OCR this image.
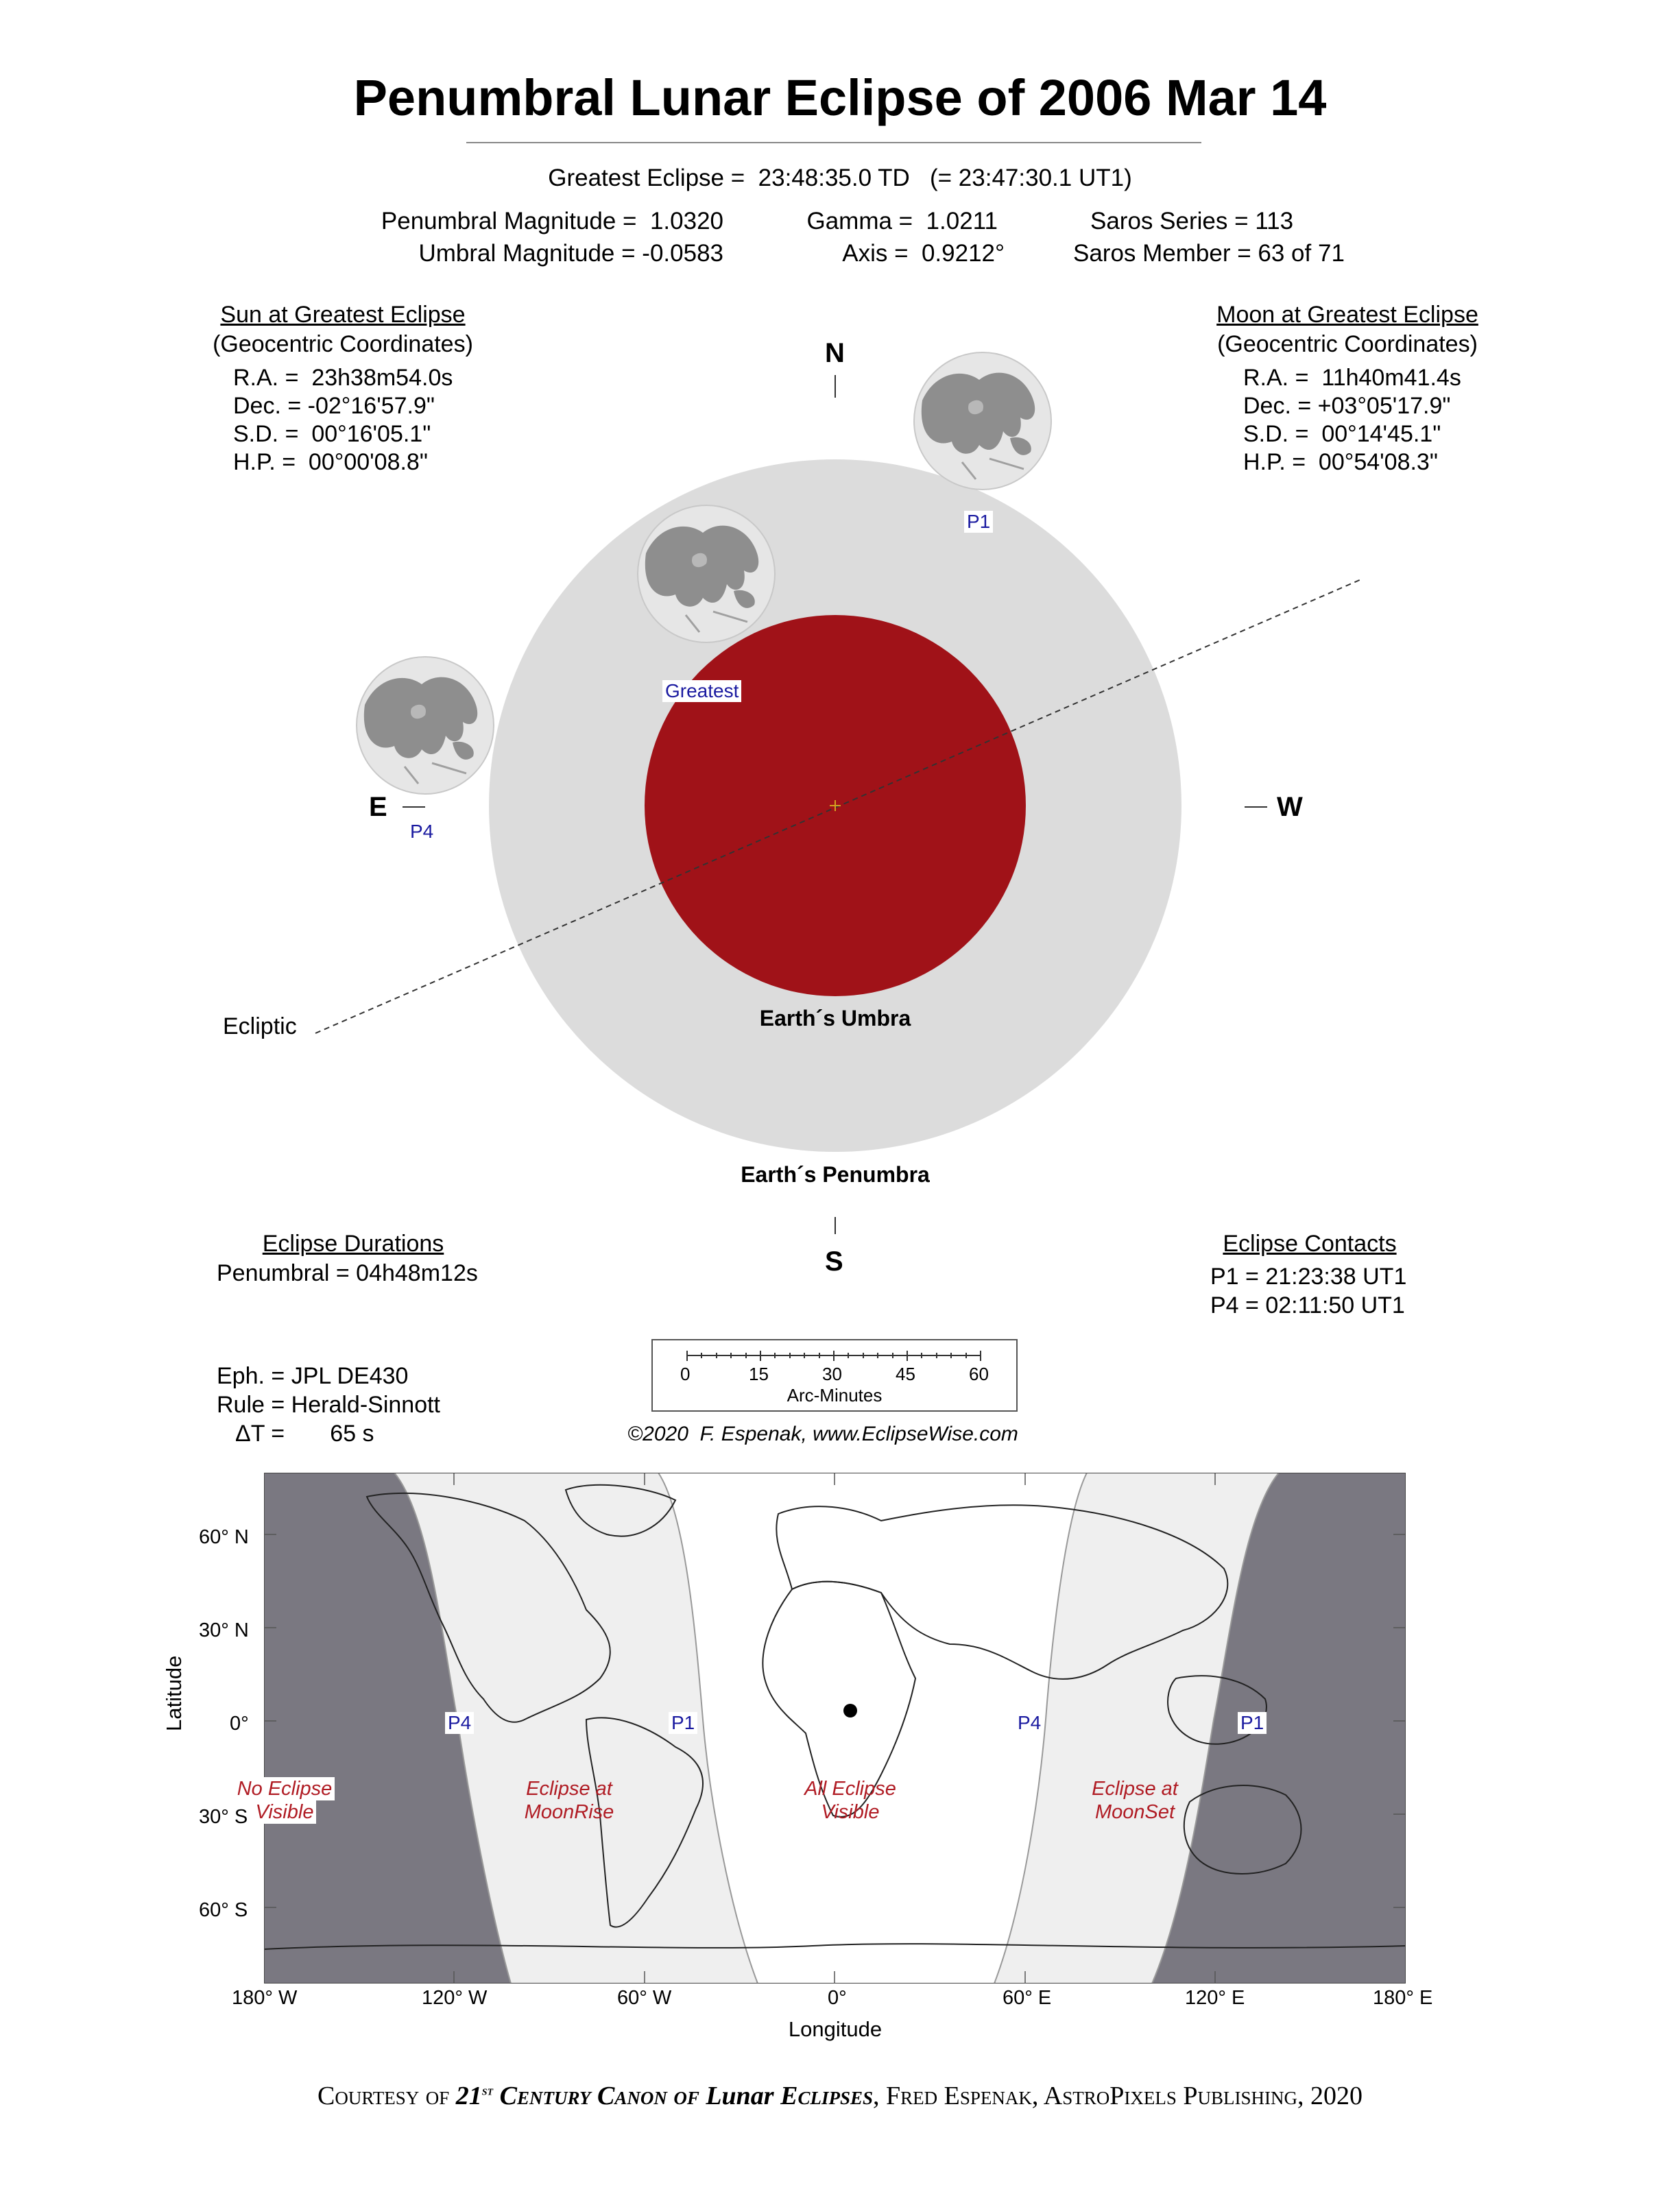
Penumbral Lunar Eclipse of 2006 Mar 14
Greatest Eclipse =  23:48:35.0 TD   (= 23:47:30.1 UT1)
Penumbral Magnitude =  1.0320
Umbral Magnitude = -0.0583
Gamma =  1.0211
Axis =  0.9212°
Saros Series = 113
Saros Member = 63 of 71
Sun at Greatest Eclipse
(Geocentric Coordinates)
R.A. =  23h38m54.0s
Dec. = -02°16'57.9"
S.D. =  00°16'05.1"
H.P. =  00°00'08.8"
Moon at Greatest Eclipse
(Geocentric Coordinates)
R.A. =  11h40m41.4s
Dec. = +03°05'17.9"
S.D. =  00°14'45.1"
H.P. =  00°54'08.3"
N
S
E	W
P1
P4
Greatest
Ecliptic	Earth´s Umbra
Earth´s Penumbra
Eclipse Durations
Penumbral = 04h48m12s
Eclipse Contacts
P1 = 21:23:38 UT1
P4 = 02:11:50 UT1
Eph. = JPL DE430
Rule = Herald-Sinnott
ΔT =       65 s
0	15	30	45	60
Arc-Minutes
©2020  F. Espenak, www.EclipseWise.com
60° N
30° N
0°
30° S
60° S
180° W	120° W	60° W	0°	60° E	120° E	180° E
Longitude
Latitude	P4	P1	P4	P1
No Eclipse
Visible
Eclipse at
MoonRise
All Eclipse
Visible
Eclipse at
MoonSet
Courtesy of 21st Century Canon of Lunar Eclipses, Fred Espenak, AstroPixels Publishing, 2020
